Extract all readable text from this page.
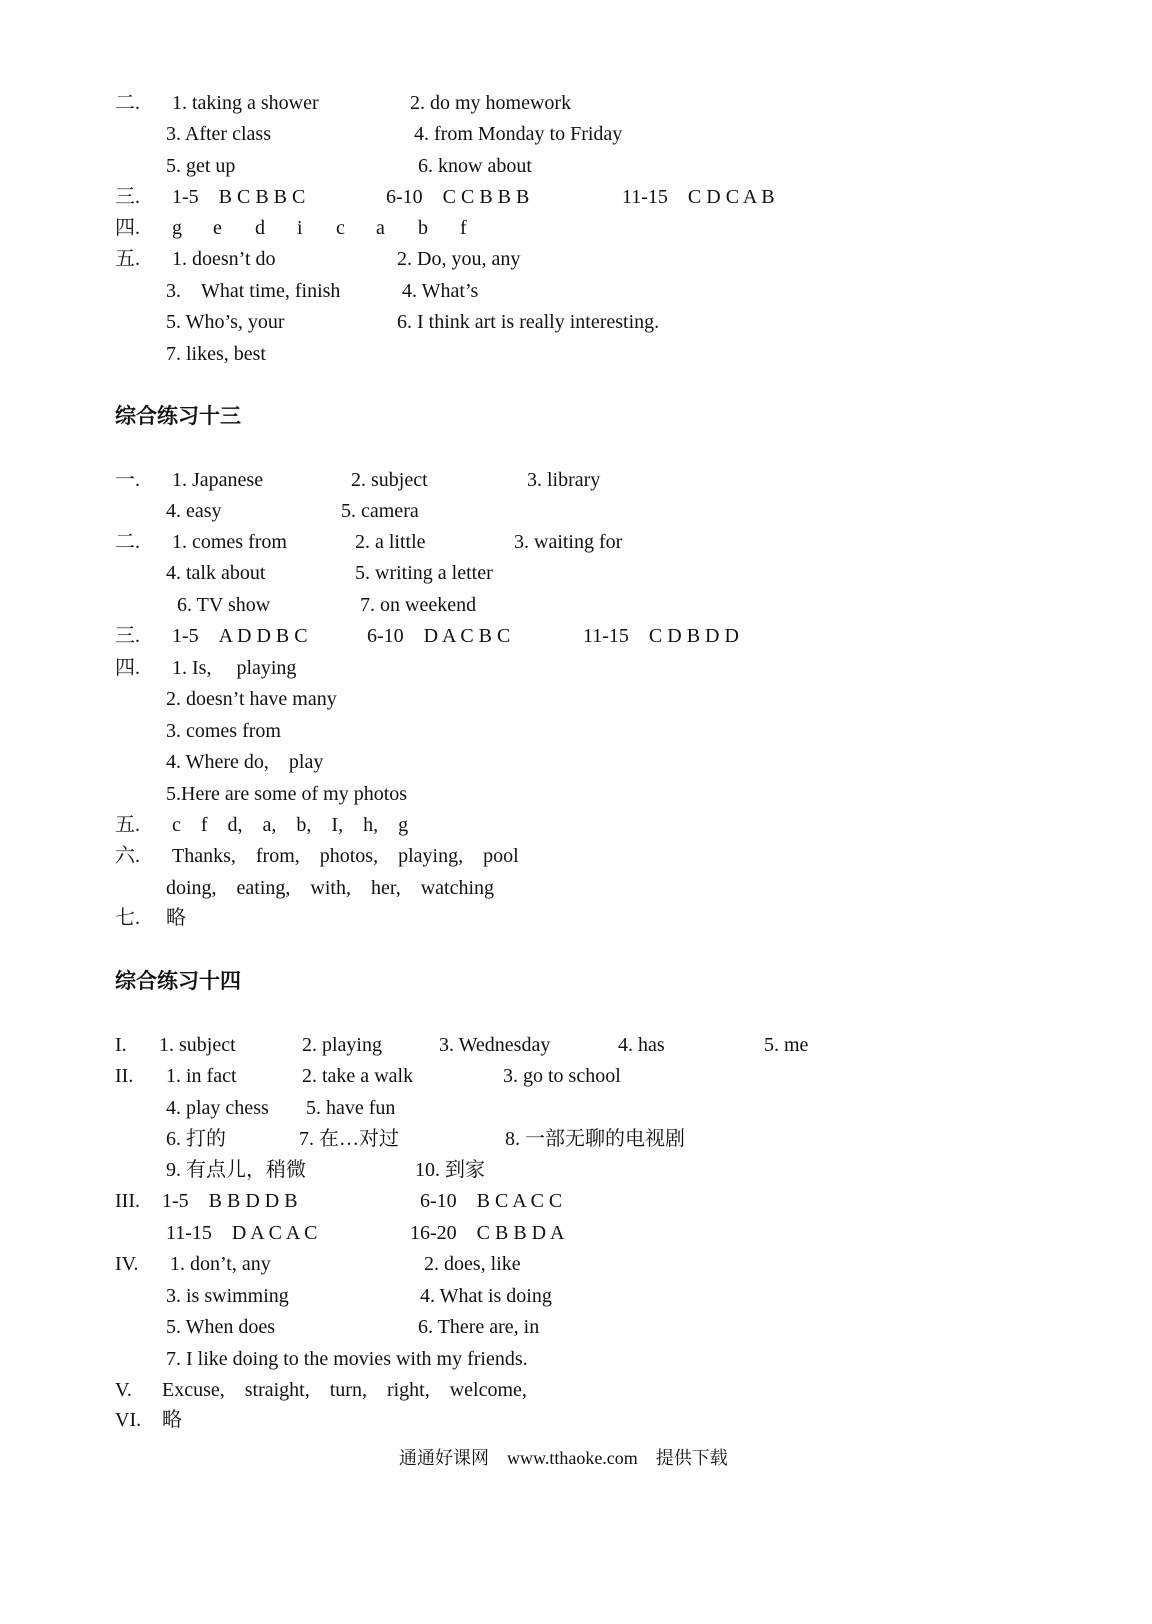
二. 1. taking a shower	2. do my homework
3. After class	4. from Monday to Friday
5. get up	6. know about
三. 1-5　B C B B C	6-10　C C B B B	11-15　C D C A B
四. g e d i c a b f
五. 1. doesn’t do	2. Do, you, any
3.　What time, finish	4. What’s
5. Who’s, your	6. I think art is really interesting.
7. likes, best
综合练习十三
一. 1. Japanese	2. subject	3. library
4. easy	5. camera
二. 1. comes from	2. a little	3. waiting for
4. talk about	5. writing a letter
6. TV show	7. on weekend
三. 1-5　A D D B C	6-10　D A C B C	11-15　C D B D D
四. 1. Is,　 playing
2. doesn’t have many
3. comes from
4. Where do,　play
5.Here are some of my photos
五. c　f　d,　a,　b,　I,　h,　g
六. Thanks,　from,　photos,　playing,　pool
doing,　eating,　with,　her,　watching
七. 略
综合练习十四
I. 1. subject	2. playing	3. Wednesday	4. has	5. me
II. 1. in fact	2. take a walk	3. go to school
4. play chess 5. have fun
6. 打的	7. 在…对过	8. 一部无聊的电视剧
9. 有点儿，稍微	10. 到家
III. 1-5　B B D D B	6-10　B C A C C
11-15　D A C A C	16-20　C B B D A
IV. 1. don’t, any	2. does, like
3. is swimming	4. What is doing
5. When does	6. There are, in
7. I like doing to the movies with my friends.
V. Excuse,　straight,　turn,　right,　welcome,
VI. 略
通通好课网　www.tthaoke.com　提供下载
